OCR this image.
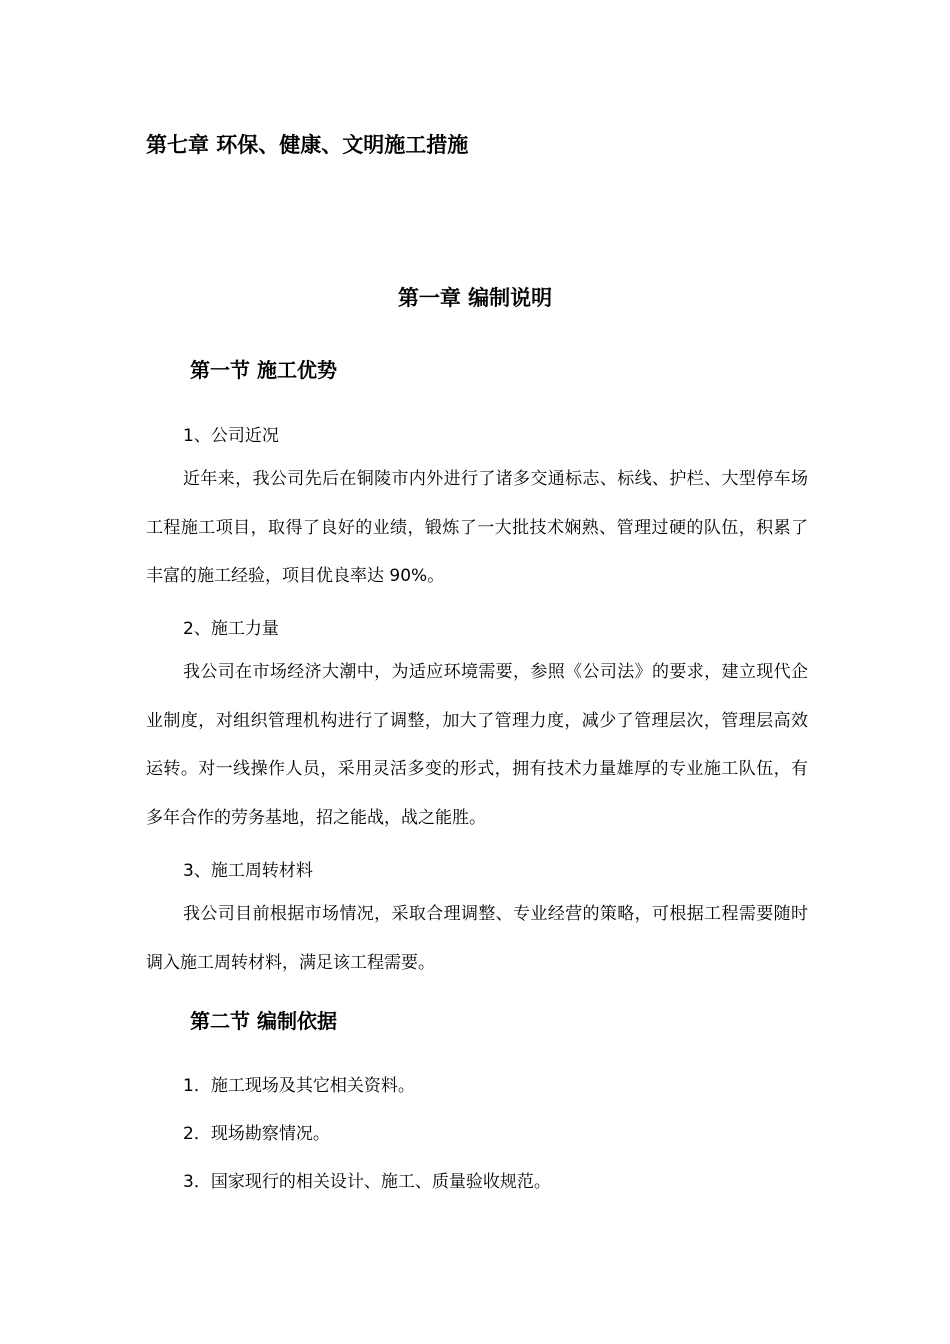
第七章 环保、健康、文明施工措施
第一章 编制说明
第一节 施工优势
1、公司近况

近年来，我公司先后在铜陵市内外进行了诸多交通标志、标线、护栏、大型停车场工程施工项目，取得了良好的业绩，锻炼了一大批技术娴熟、管理过硬的队伍，积累了丰富的施工经验，项目优良率达 90%。

2、施工力量

我公司在市场经济大潮中，为适应环境需要，参照《公司法》的要求，建立现代企业制度，对组织管理机构进行了调整，加大了管理力度，减少了管理层次，管理层高效运转。对一线操作人员，采用灵活多变的形式，拥有技术力量雄厚的专业施工队伍，有多年合作的劳务基地，招之能战，战之能胜。

3、施工周转材料

我公司目前根据市场情况，采取合理调整、专业经营的策略，可根据工程需要随时调入施工周转材料，满足该工程需要。

第二节 编制依据
1．施工现场及其它相关资料。
2．现场勘察情况。
3．国家现行的相关设计、施工、质量验收规范。
